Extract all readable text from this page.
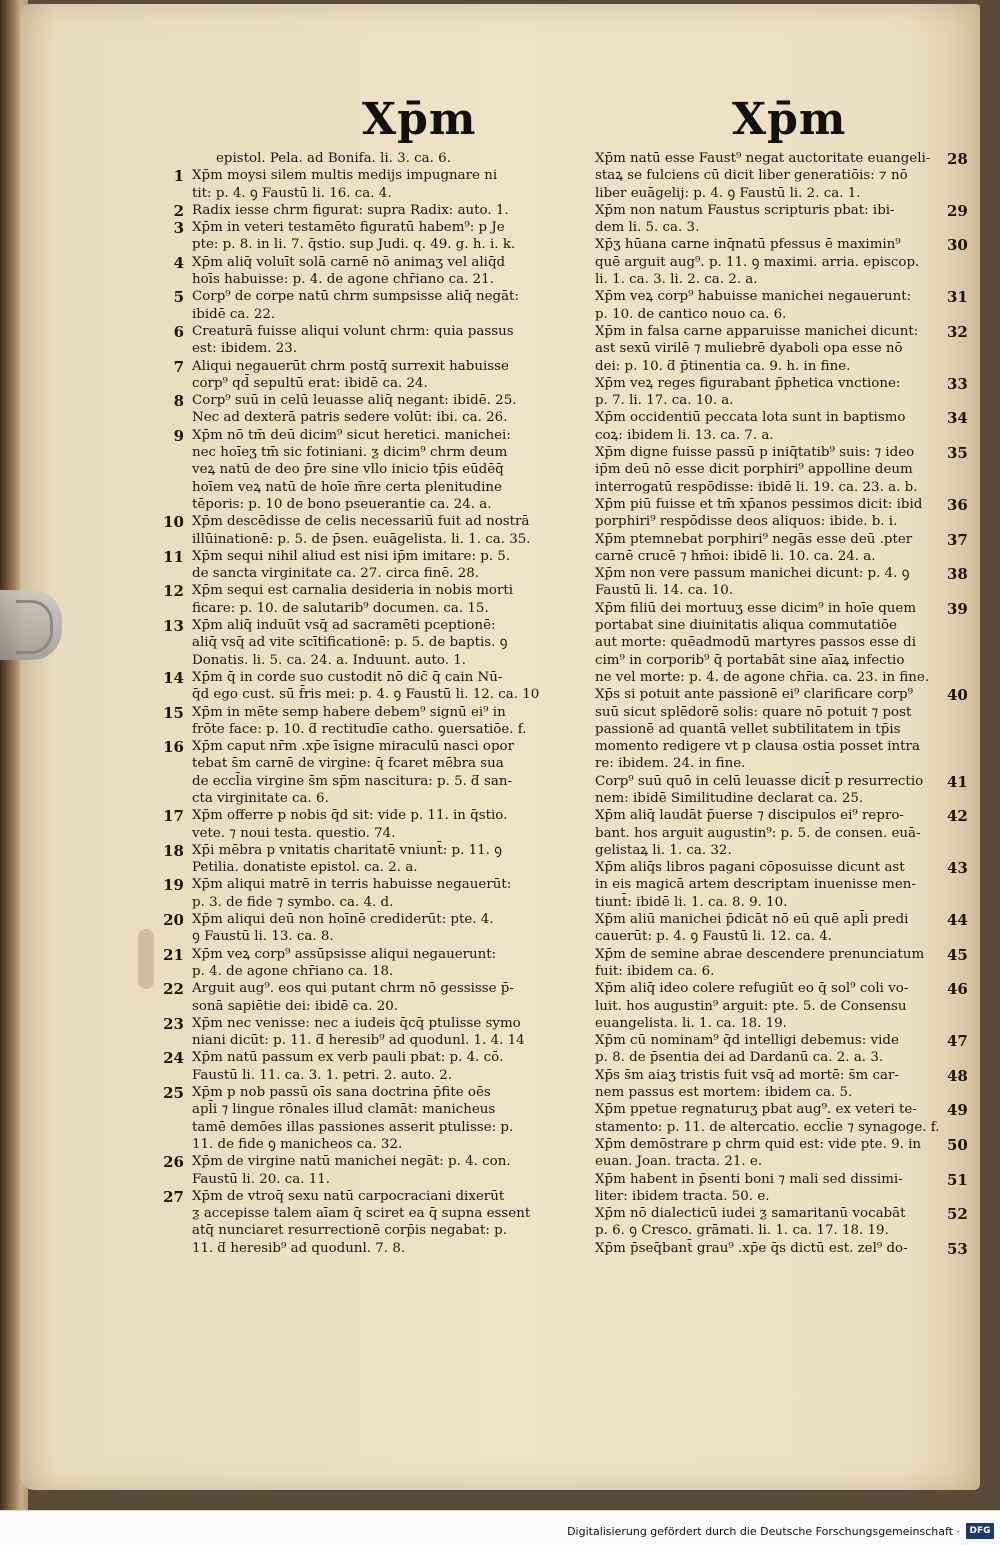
Xp̄m	Xp̄m
epistol. Pela. ad Bonifa. li. 3. ca. 6.
1 Xp̄m moysi silem multis medijs impugnare ni
tit: p. 4. ꝯ Faustū li. 16. ca. 4.
2 Radix iesse chrm figurat: supra Radix: auto. 1.
3 Xp̄m in veteri testamēto figuratū habem⁹: p Je
pte: p. 8. in li. 7. q̄stio. sup Judi. q. 49. g. h. i. k.
4 Xp̄m aliq̄ voluīt solā carnē nō animaʒ vel aliq̄d
hoīs habuisse: p. 4. de agone chr̄iano ca. 21.
5 Corp⁹ de corpe natū chrm sumpsisse aliq̄ negāt:
ibidē ca. 22.
6 Creaturā fuisse aliqui volunt chrm: quia passus
est: ibidem. 23.
7 Aliqui negauerūt chrm postq̄ surrexit habuisse
corp⁹ qd̄ sepultū erat: ibidē ca. 24.
8 Corp⁹ suū in celū leuasse aliq̄ negant: ibidē. 25.
Nec ad dexterā patris sedere volūt: ibi. ca. 26.
9 Xp̄m nō tm̄ deū dicim⁹ sicut heretici. manichei:
nec hoīeʒ tm̄ sic fotiniani. ƺ dicim⁹ chrm deum
veꝝ natū de deo p̄re sine vllo inicio tp̄is eūdēq̄
hoīem veꝝ natū de hoīe m̄re certa plenitudine
tēporis: p. 10 de bono pseuerantie ca. 24. a.
10 Xp̄m descēdisse de celis necessariū fuit ad nostrā
illūinationē: p. 5. de p̄sen. euāgelista. li. 1. ca. 35.
11 Xp̄m sequi nihil aliud est nisi ip̄m imitare: p. 5.
de sancta virginitate ca. 27. circa finē. 28.
12 Xp̄m sequi est carnalia desideria in nobis morti
ficare: p. 10. de salutarib⁹ documen. ca. 15.
13 Xp̄m aliq̄ induūt vsq̄ ad sacramēti pceptionē:
aliq̄ vsq̄ ad vite scītificationē: p. 5. de baptis. ꝯ
Donatis. li. 5. ca. 24. a. Induunt. auto. 1.
14 Xp̄m q̄ in corde suo custodit nō dic̄ q̄ cain Nū-
q̄d ego cust. sū f̄ris mei: p. 4. ꝯ Faustū li. 12. ca. 10
15 Xp̄m in mēte semp habere debem⁹ signū ei⁹ in
frōte face: p. 10. ƌ rectitudīe catho. ꝯuersatiōe. f.
16 Xp̄m caput nr̄m .xp̄e īsigne miraculū nasci opor
tebat s̄m carnē de virgine: q̄ fcaret mēbra sua
de eccl̄ia virgine s̄m sp̄m nascitura: p. 5. ƌ san-
cta virginitate ca. 6.
17 Xp̄m offerre p nobis q̄d sit: vide p. 11. in q̄stio.
vete. ⁊ noui testa. questio. 74.
18 Xp̄i mēbra p vnitatis charitatē vniunt̄: p. 11. ꝯ
Petilia. donatiste epistol. ca. 2. a.
19 Xp̄m aliqui matrē in terris habuisse negauerūt:
p. 3. de fide ⁊ symbo. ca. 4. d.
20 Xp̄m aliqui deū non hoīnē crediderūt: pte. 4.
ꝯ Faustū li. 13. ca. 8.
21 Xp̄m veꝝ corp⁹ assūpsisse aliqui negauerunt:
p. 4. de agone chr̄iano ca. 18.
22 Arguit aug⁹. eos qui putant chrm nō gessisse p̄-
sonā sapiētie dei: ibidē ca. 20.
23 Xp̄m nec venisse: nec a iudeis q̄cq̄ ptulisse symo
niani dicūt: p. 11. ƌ heresib⁹ ad quodunl. 1. 4. 14
24 Xp̄m natū passum ex verb pauli pbat: p. 4. cō.
Faustū li. 11. ca. 3. 1. petri. 2. auto. 2.
25 Xp̄m p nob passū oīs sana doctrina p̄fite oēs
apl̄i ⁊ lingue rōnales illud clamāt: manicheus
tamē demōes illas passiones asserit ptulisse: p.
11. de fide ꝯ manicheos ca. 32.
26 Xp̄m de virgine natū manichei negāt: p. 4. con.
Faustū li. 20. ca. 11.
27 Xp̄m de vtroq̄ sexu natū carpocraciani dixerūt
ƺ accepisse talem aīam q̄ sciret ea q̄ supna essent
atq̄ nunciaret resurrectionē corp̄is negabat: p.
11. ƌ heresib⁹ ad quodunl. 7. 8.
28
Xp̄m natū esse Faust⁹ negat auctoritate euangeli-
staꝝ se fulciens cū dicit liber generatiōis: ⁊ nō
liber euāgelij: p. 4. ꝯ Faustū li. 2. ca. 1.
29
Xp̄m non natum Faustus scripturis pbat: ibi-
dem li. 5. ca. 3.
30
Xp̄ʒ hūana carne inq̄natū pfessus ē maximin⁹
quē arguit aug⁹. p. 11. ꝯ maximi. arria. episcop.
li. 1. ca. 3. li. 2. ca. 2. a.
31
Xp̄m veꝝ corp⁹ habuisse manichei negauerunt:
p. 10. de cantico nouo ca. 6.
32
Xp̄m in falsa carne apparuisse manichei dicunt:
ast sexū virilē ⁊ muliebrē dyaboli opa esse nō
dei: p. 10. ƌ p̄tinentia ca. 9. h. in fine.
33
Xp̄m veꝝ reges figurabant p̄phetica vnctione:
p. 7. li. 17. ca. 10. a.
34
Xp̄m occidentiū peccata lota sunt in baptismo
coꝝ: ibidem li. 13. ca. 7. a.
35
Xp̄m digne fuisse passū p iniq̄tatib⁹ suis: ⁊ ideo
ip̄m deū nō esse dicit porphiri⁹ appolline deum
interrogatū respōdisse: ibidē li. 19. ca. 23. a. b.
36
Xp̄m piū fuisse et tm̄ xp̄anos pessimos dicit: ibid
porphiri⁹ respōdisse deos aliquos: ibide. b. i.
37
Xp̄m ptemnebat porphiri⁹ negās esse deū .pter
carnē crucē ⁊ hm̄oi: ibidē li. 10. ca. 24. a.
38
Xp̄m non vere passum manichei dicunt: p. 4. ꝯ
Faustū li. 14. ca. 10.
39
Xp̄m filiū dei mortuuʒ esse dicim⁹ in hoīe quem
portabat sine diuinitatis aliqua commutatiōe
aut morte: quēadmodū martyres passos esse di
cim⁹ in corporib⁹ q̄ portabāt sine aīaꝝ infectio
ne vel morte: p. 4. de agone chr̄ia. ca. 23. in fine.
40
Xp̄s si potuit ante passionē ei⁹ clarificare corp⁹
suū sicut splēdorē solis: quare nō potuit ⁊ post
passionē ad quantā vellet subtilitatem in tp̄is
momento redigere vt p clausa ostia posset intra
re: ibidem. 24. in fine.
41
Corp⁹ suū quō in celū leuasse dicit̄ p resurrectio
nem: ibidē Similitudine declarat ca. 25.
42
Xp̄m aliq̄ laudāt p̄uerse ⁊ discipulos ei⁹ repro-
bant. hos arguit augustin⁹: p. 5. de consen. euā-
gelistaꝝ li. 1. ca. 32.
43
Xp̄m aliq̄s libros pagani cōposuisse dicunt ast
in eis magicā artem descriptam inuenisse men-
tiunt̄: ibidē li. 1. ca. 8. 9. 10.
44
Xp̄m aliū manichei p̄dicāt nō eū quē apl̄i predi
cauerūt: p. 4. ꝯ Faustū li. 12. ca. 4.
45
Xp̄m de semine abrae descendere prenunciatum
fuit: ibidem ca. 6.
46
Xp̄m aliq̄ ideo colere refugiūt eo q̄ sol⁹ coli vo-
luit. hos augustin⁹ arguit: pte. 5. de Consensu
euangelista. li. 1. ca. 18. 19.
47
Xp̄m cū nominam⁹ q̄d intelligi debemus: vide
p. 8. de p̄sentia dei ad Dardanū ca. 2. a. 3.
48
Xp̄s s̄m aiaʒ tristis fuit vsq̄ ad mortē: s̄m car-
nem passus est mortem: ibidem ca. 5.
49
Xp̄m ppetue regnaturuʒ pbat aug⁹. ex veteri te-
stamento: p. 11. de altercatio. eccl̄ie ⁊ synagoge. f.
50
Xp̄m demōstrare p chrm quid est: vide pte. 9. in
euan. Joan. tracta. 21. e.
51
Xp̄m habent in p̄senti boni ⁊ mali sed dissimi-
liter: ibidem tracta. 50. e.
52
Xp̄m nō dialecticū iudei ƺ samaritanū vocabāt
p. 6. ꝯ Cresco. grāmati. li. 1. ca. 17. 18. 19.
53
Xp̄m p̄seq̄bant̄ grau⁹ .xp̄e q̄s dictū est. zel⁹ do-
Digitalisierung gefördert durch die Deutsche Forschungsgemeinschaft ·	DFG
